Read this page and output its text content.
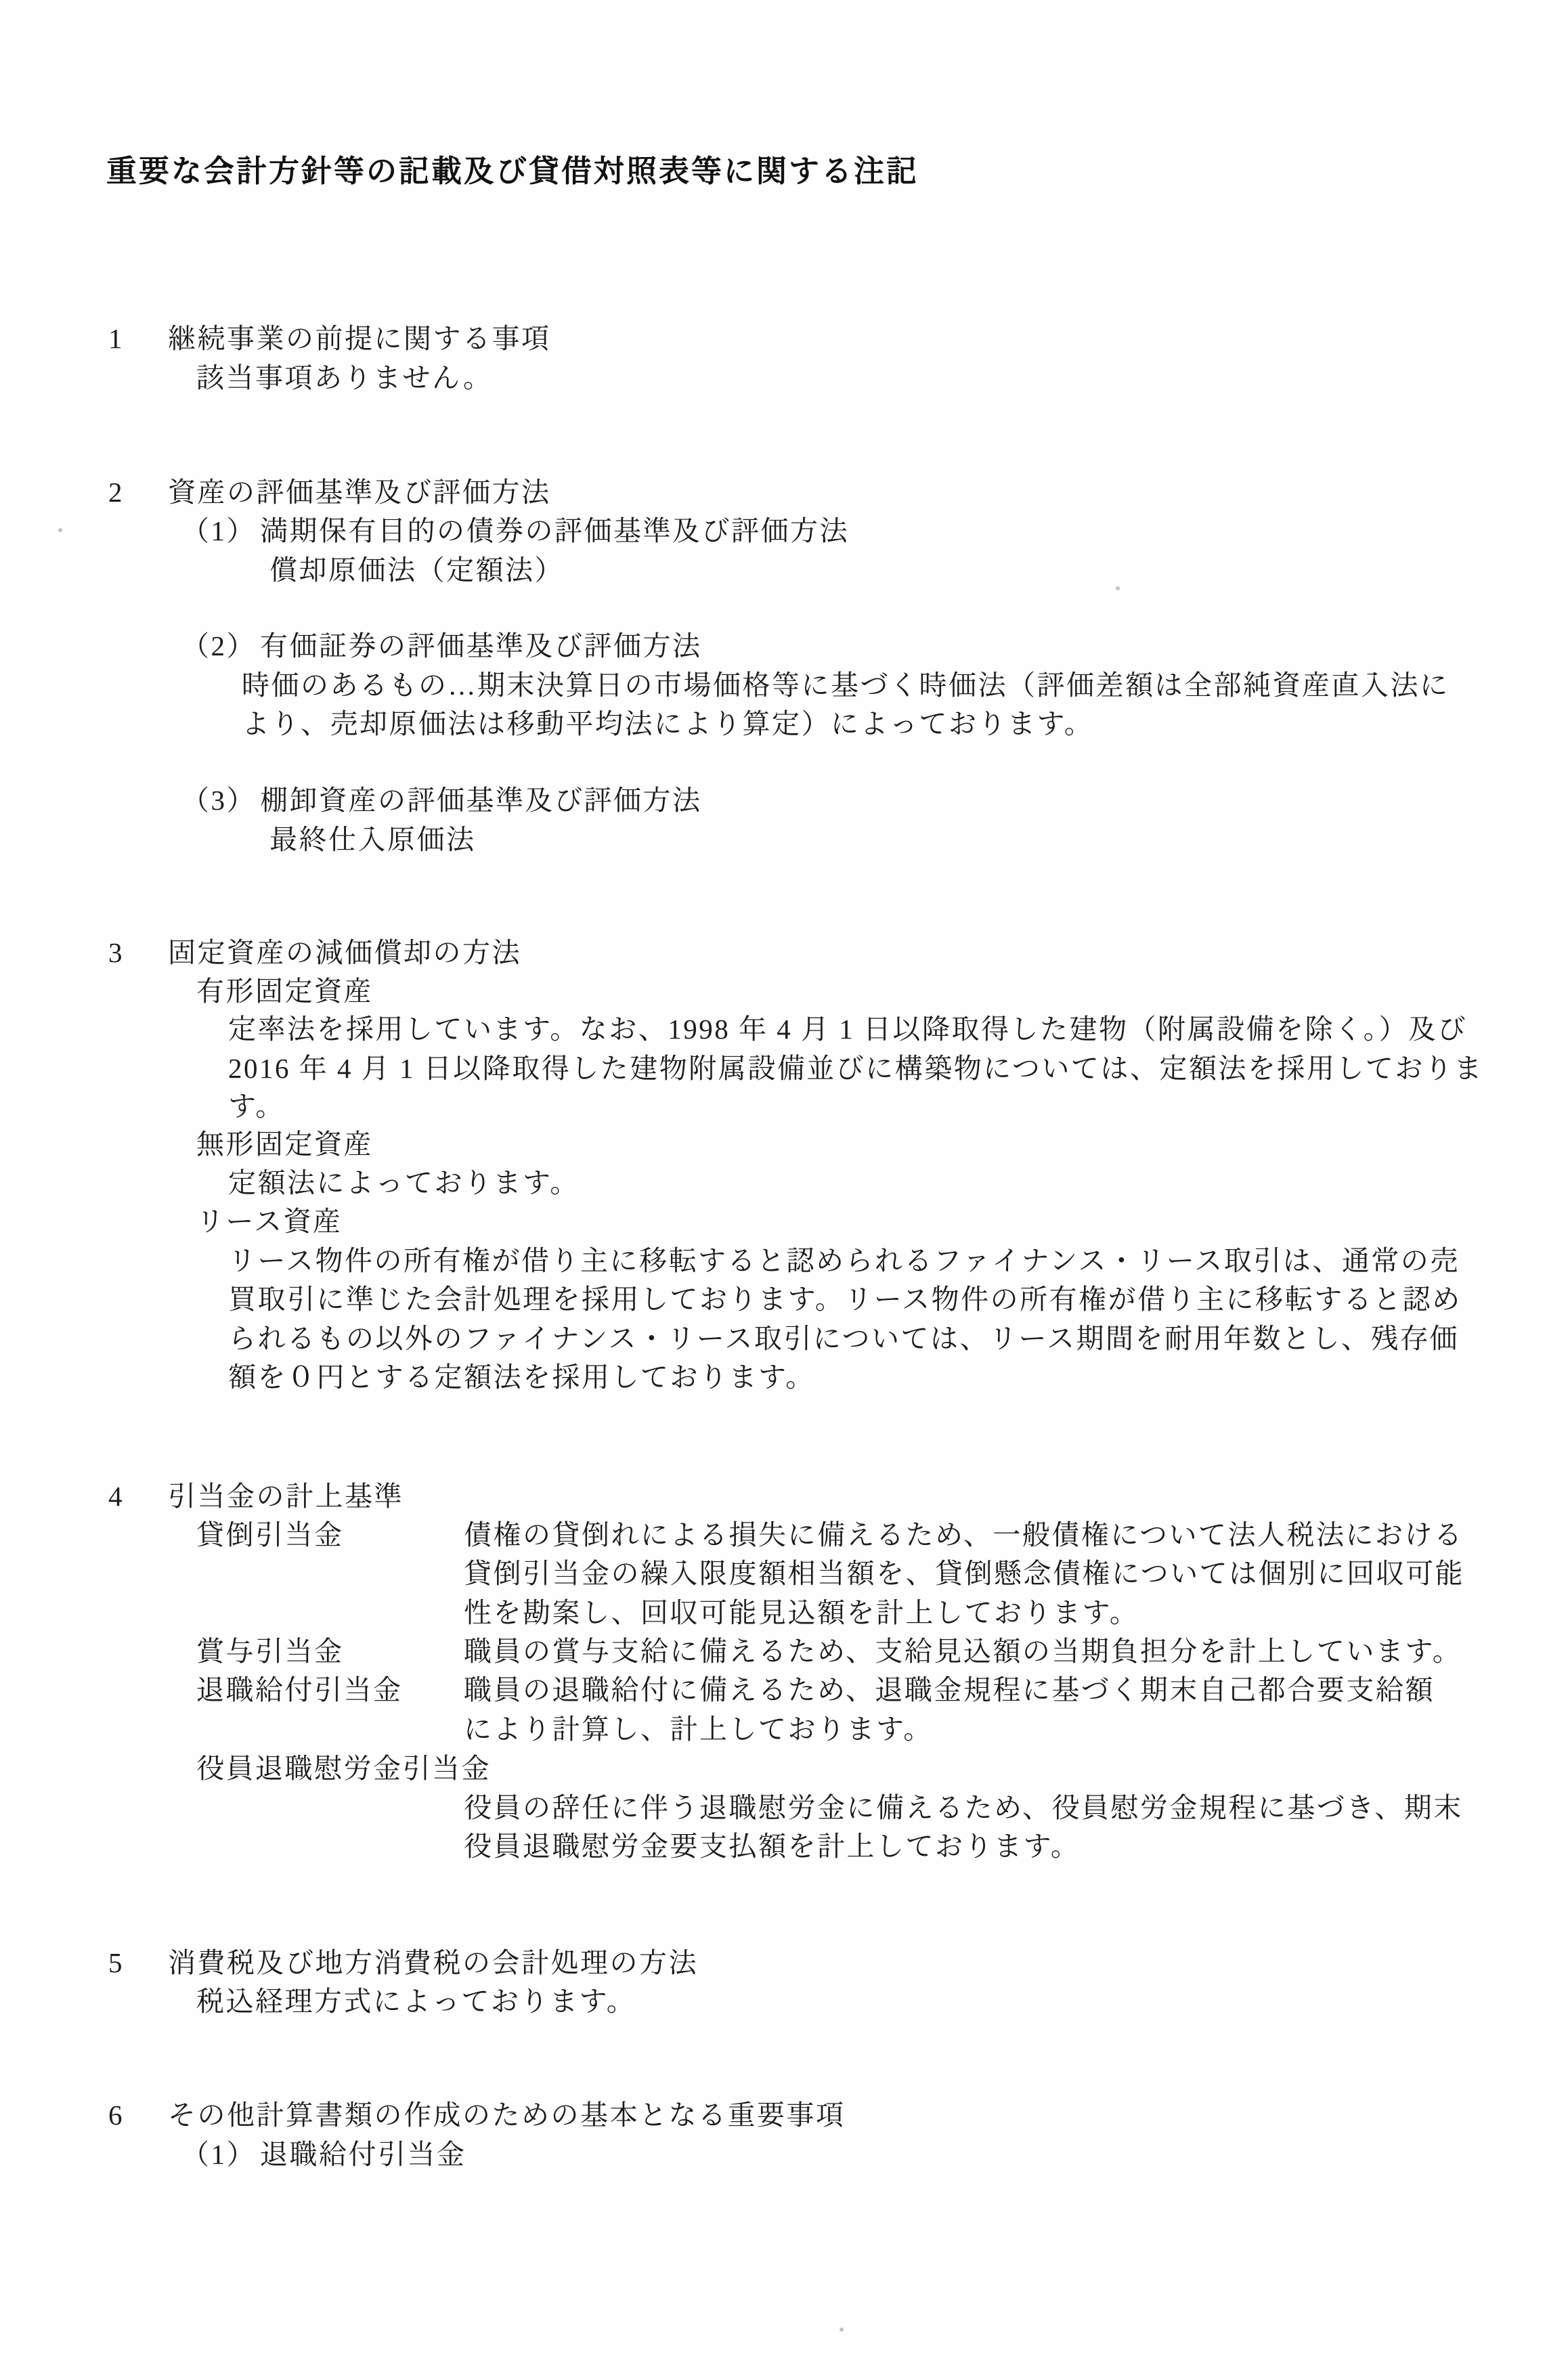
重要な会計方針等の記載及び貸借対照表等に関する注記
1 継続事業の前提に関する事項
該当事項ありません。
2 資産の評価基準及び評価方法
（1） 満期保有目的の債券の評価基準及び評価方法
償却原価法（定額法）
（2） 有価証券の評価基準及び評価方法
時価のあるもの…期末決算日の市場価格等に基づく時価法（評価差額は全部純資産直入法に
より、売却原価法は移動平均法により算定）によっております。
（3） 棚卸資産の評価基準及び評価方法
最終仕入原価法
3 固定資産の減価償却の方法
有形固定資産
定率法を採用しています。なお、1998 年 4 月 1 日以降取得した建物（附属設備を除く。）及び
2016 年 4 月 1 日以降取得した建物附属設備並びに構築物については、定額法を採用しておりま
す。
無形固定資産
定額法によっております。
リース資産
リース物件の所有権が借り主に移転すると認められるファイナンス・リース取引は、通常の売
買取引に準じた会計処理を採用しております。リース物件の所有権が借り主に移転すると認め
られるもの以外のファイナンス・リース取引については、リース期間を耐用年数とし、残存価
額を０円とする定額法を採用しております。
4 引当金の計上基準
貸倒引当金	債権の貸倒れによる損失に備えるため、一般債権について法人税法における
貸倒引当金の繰入限度額相当額を、貸倒懸念債権については個別に回収可能
性を勘案し、回収可能見込額を計上しております。
賞与引当金	職員の賞与支給に備えるため、支給見込額の当期負担分を計上しています。
退職給付引当金 職員の退職給付に備えるため、退職金規程に基づく期末自己都合要支給額
により計算し、計上しております。
役員退職慰労金引当金
役員の辞任に伴う退職慰労金に備えるため、役員慰労金規程に基づき、期末
役員退職慰労金要支払額を計上しております。
5 消費税及び地方消費税の会計処理の方法
税込経理方式によっております。
6 その他計算書類の作成のための基本となる重要事項
（1） 退職給付引当金
